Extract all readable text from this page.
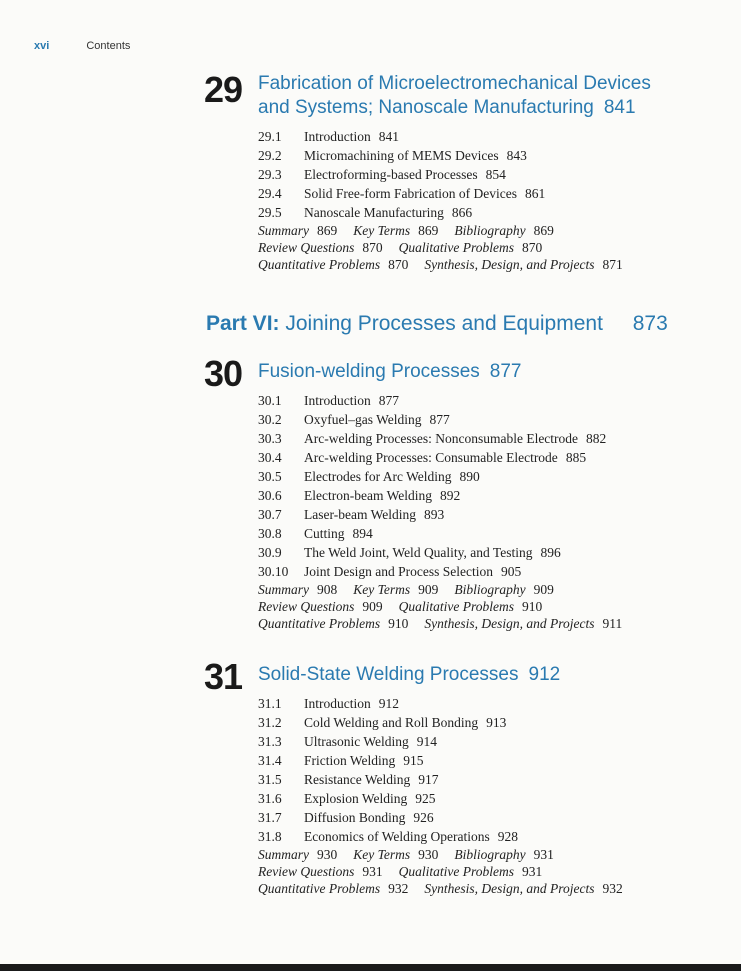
xvi	Contents
29 Fabrication of Microelectromechanical Devices
and Systems; Nanoscale Manufacturing 841
29.1 Introduction 841
29.2 Micromachining of MEMS Devices 843
29.3 Electroforming-based Processes 854
29.4 Solid Free-form Fabrication of Devices 861
29.5 Nanoscale Manufacturing 866
Summary 869 Key Terms 869 Bibliography 869
Review Questions 870 Qualitative Problems 870
Quantitative Problems 870 Synthesis, Design, and Projects 871
Part VI: Joining Processes and Equipment 873
30 Fusion-welding Processes 877
30.1 Introduction 877
30.2 Oxyfuel–gas Welding 877
30.3 Arc-welding Processes: Nonconsumable Electrode 882
30.4 Arc-welding Processes: Consumable Electrode 885
30.5 Electrodes for Arc Welding 890
30.6 Electron-beam Welding 892
30.7 Laser-beam Welding 893
30.8 Cutting 894
30.9 The Weld Joint, Weld Quality, and Testing 896
30.10 Joint Design and Process Selection 905
Summary 908 Key Terms 909 Bibliography 909
Review Questions 909 Qualitative Problems 910
Quantitative Problems 910 Synthesis, Design, and Projects 911
31 Solid-State Welding Processes 912
31.1 Introduction 912
31.2 Cold Welding and Roll Bonding 913
31.3 Ultrasonic Welding 914
31.4 Friction Welding 915
31.5 Resistance Welding 917
31.6 Explosion Welding 925
31.7 Diffusion Bonding 926
31.8 Economics of Welding Operations 928
Summary 930 Key Terms 930 Bibliography 931
Review Questions 931 Qualitative Problems 931
Quantitative Problems 932 Synthesis, Design, and Projects 932
